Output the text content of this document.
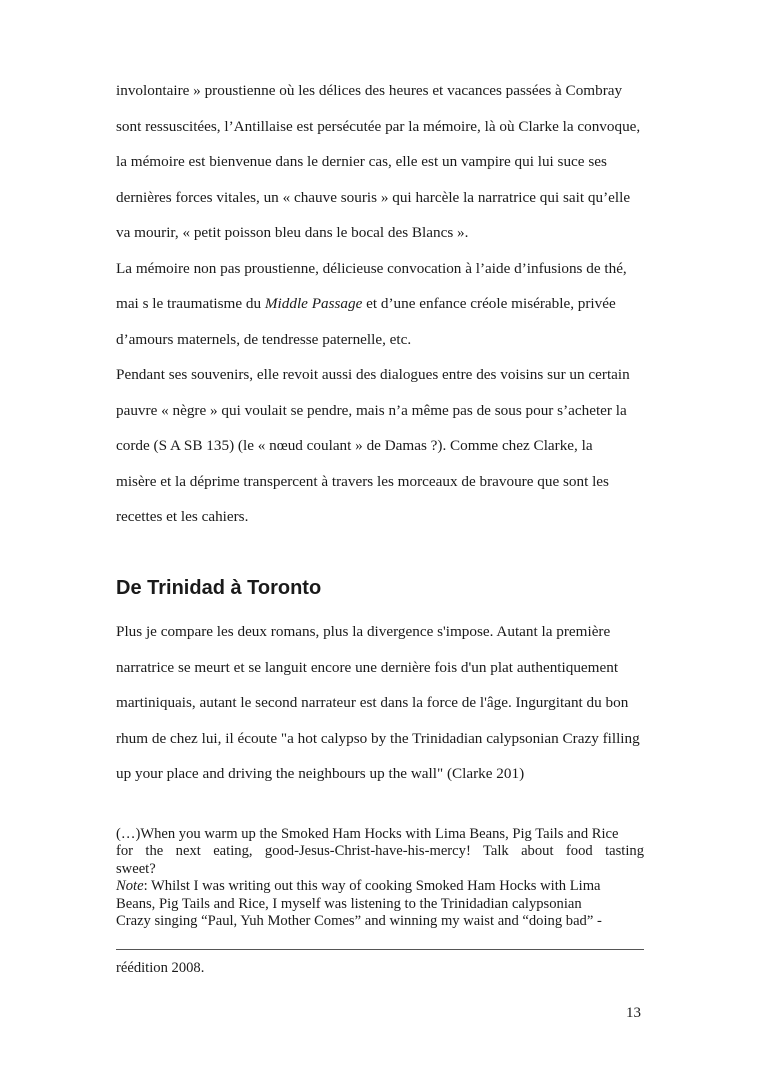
involontaire » proustienne où les délices des heures et vacances passées à Combray
sont ressuscitées, l’Antillaise est persécutée par la mémoire, là où Clarke la convoque,
la mémoire est bienvenue dans le dernier cas, elle est un vampire qui lui suce ses
dernières forces vitales, un « chauve souris » qui harcèle la narratrice qui sait qu’elle
va mourir, « petit poisson bleu dans le bocal des Blancs ».
La mémoire non pas proustienne, délicieuse convocation à l’aide d’infusions de thé,
mai s le traumatisme du Middle Passage et d’une enfance créole misérable, privée
d’amours maternels, de tendresse paternelle, etc.
Pendant ses souvenirs, elle revoit aussi des dialogues entre des voisins sur un certain
pauvre « nègre » qui voulait se pendre, mais n’a même pas de sous pour s’acheter la
corde (S A SB 135) (le « nœud coulant » de Damas ?). Comme chez Clarke, la
misère et la déprime transpercent à travers les morceaux de bravoure que sont les
recettes et les cahiers.
De Trinidad à Toronto
Plus je compare les deux romans, plus la divergence s'impose. Autant la première
narratrice se meurt et se languit encore une dernière fois d'un plat authentiquement
martiniquais, autant le second narrateur est dans la force de l'âge. Ingurgitant du bon
rhum de chez lui, il écoute "a hot calypso by the Trinidadian calypsonian Crazy filling
up your place and driving the neighbours up the wall" (Clarke 201)
(…)When you warm up the Smoked Ham Hocks with Lima Beans, Pig Tails and Rice
for the next eating, good-Jesus-Christ-have-his-mercy! Talk about food tasting
sweet?
Note: Whilst I was writing out this way of cooking Smoked Ham Hocks with Lima
Beans, Pig Tails and Rice, I myself was listening to the Trinidadian calypsonian
Crazy singing “Paul, Yuh Mother Comes” and winning my waist and “doing bad” -
réédition 2008.
13
